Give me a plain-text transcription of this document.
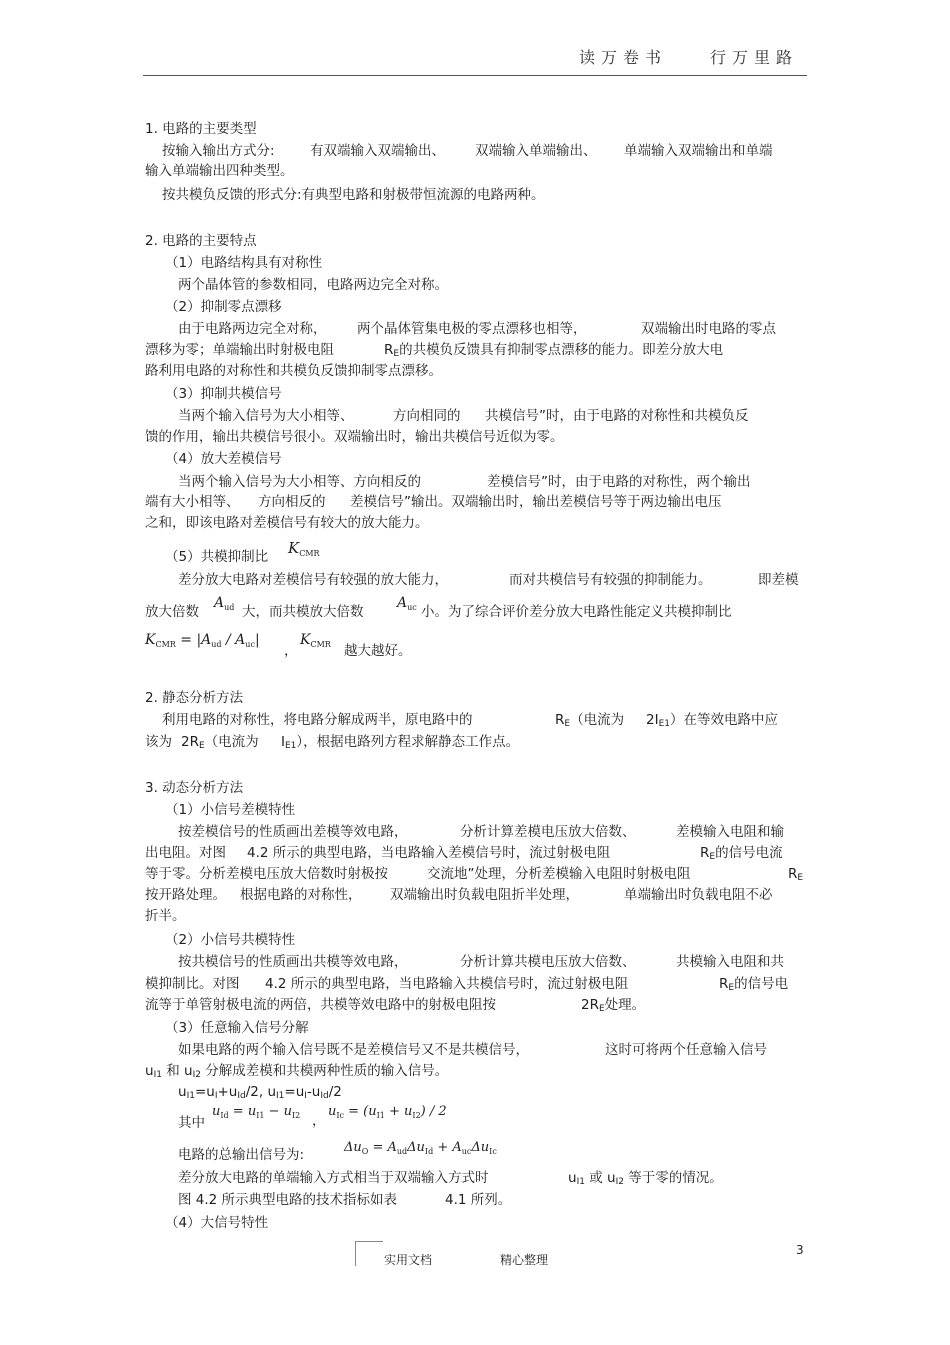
读万卷书	行万里路
1. 电路的主要类型
按输入输出方式分:	有双端输入双端输出、 双端输入单端输出、 单端输入双端输出和单端
输入单端输出四种类型。
按共模负反馈的形式分:有典型电路和射极带恒流源的电路两种。
2. 电路的主要特点
（1）电路结构具有对称性
两个晶体管的参数相同，电路两边完全对称。
（2）抑制零点漂移
由于电路两边完全对称， 两个晶体管集电极的零点漂移也相等，	双端输出时电路的零点
漂移为零；单端输出时射极电阻	$R_E$的共模负反馈具有抑制零点漂移的能力。即差分放大电
路利用电路的对称性和共模负反馈抑制零点漂移。
（3）抑制共模信号
当两个输入信号为大小相等、	方向相同的 共模信号”时，由于电路的对称性和共模负反
馈的作用，输出共模信号很小。双端输出时，输出共模信号近似为零。
（4）放大差模信号
当两个输入信号为大小相等、方向相反的	差模信号”时，由于电路的对称性，两个输出
端有大小相等、 方向相反的 差模信号”输出。双端输出时，输出差模信号等于两边输出电压
之和，即该电路对差模信号有较大的放大能力。
（5）共模抑制比 $K_{CMR}$
差分放大电路对差模信号有较强的放大能力，	而对共模信号有较强的抑制能力。	即差模
放大倍数
$A_{ud}$ 大，而共模放大倍数
$A_{uc}$ 小。为了综合评价差分放大电路性能定义共模抑制比
$K_{CMR} = |A_{ud} / A_{uc}|$
，
$K_{CMR}$ 越大越好。
2. 静态分析方法
利用电路的对称性，将电路分解成两半，原电路中的	$R_E$（电流为 $2I_{E1}$）在等效电路中应
该为 $2R_E$（电流为 $I_{E1}$），根据电路列方程求解静态工作点。
3. 动态分析方法
（1）小信号差模特性
按差模信号的性质画出差模等效电路，	分析计算差模电压放大倍数、	差模输入电阻和输
出电阻。对图 4.2 所示的典型电路，当电路输入差模信号时，流过射极电阻	$R_E$的信号电流
等于零。分析差模电压放大倍数时射极按	交流地”处理，分析差模输入电阻时射极电阻	$R_E$
按开路处理。 根据电路的对称性， 双端输出时负载电阻折半处理，	单端输出时负载电阻不必
折半。
（2）小信号共模特性
按共模信号的性质画出共模等效电路，	分析计算共模电压放大倍数、	共模输入电阻和共
模抑制比。对图 4.2 所示的典型电路，当电路输入共模信号时，流过射极电阻	$R_E$的信号电
流等于单管射极电流的两倍，共模等效电路中的射极电阻按	$2R_E$处理。
（3）任意输入信号分解
如果电路的两个输入信号既不是差模信号又不是共模信号，	这时可将两个任意输入信号
$u_{I1}$ 和 $u_{I2}$ 分解成差模和共模两种性质的输入信号。
$u_{I1}=u_I+u_{Id}/2$, $u_{I1}=u_I-u_{Id}/2$
其中
$u_{Id} = u_{I1} - u_{I2}$ ，
$u_{Ic} = (u_{I1} + u_{I2}) / 2$
电路的总输出信号为:	$\Delta u_O = A_{ud}\Delta u_{Id} + A_{uc}\Delta u_{Ic}$
差分放大电路的单端输入方式相当于双端输入方式时	$u_{I1}$ 或 $u_{I2}$ 等于零的情况。
图 4.2 所示典型电路的技术指标如表	4.1 所列。
（4）大信号特性
3
实用文档	精心整理
